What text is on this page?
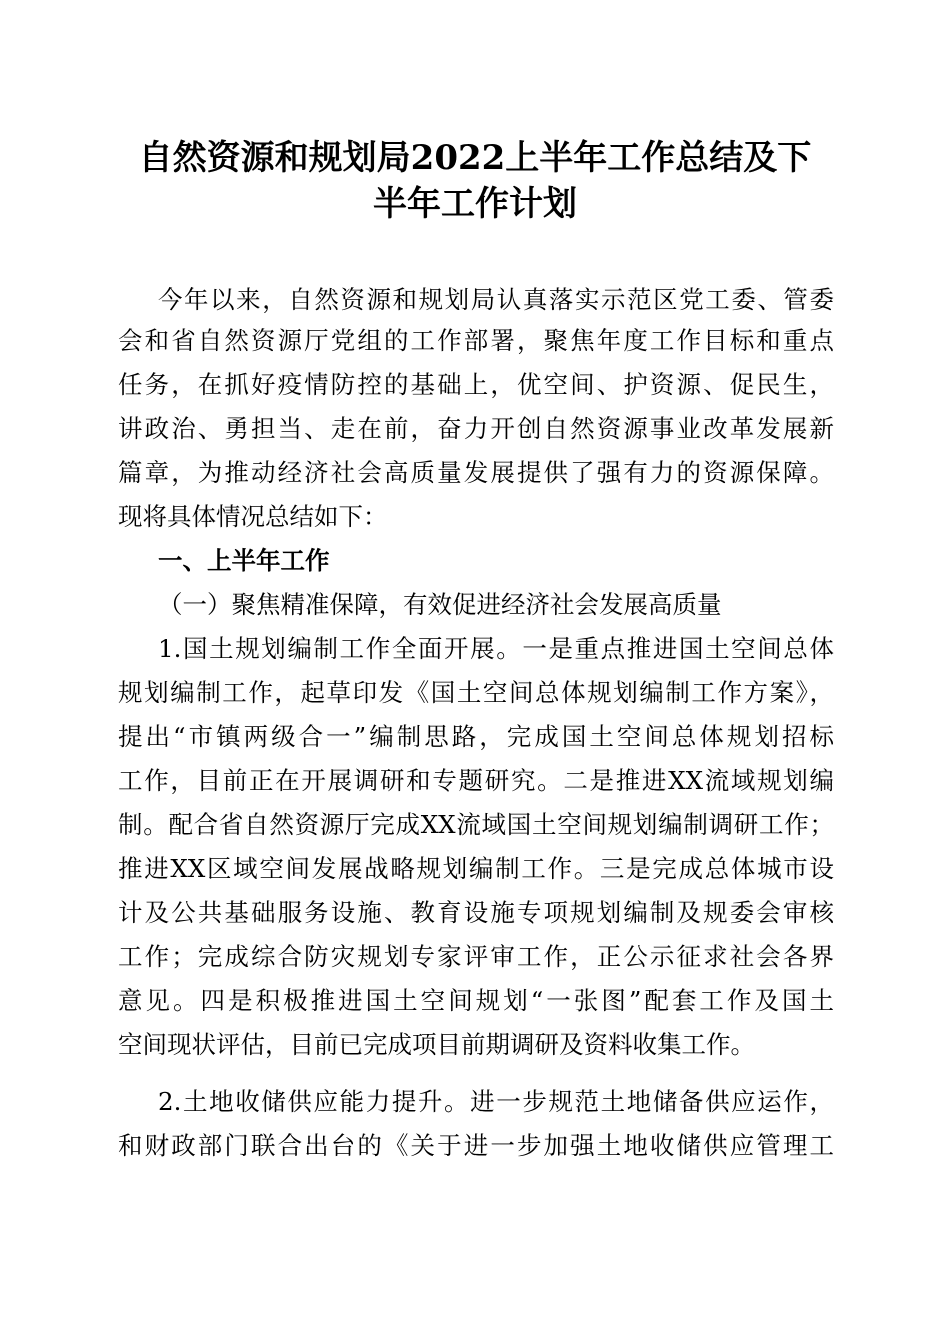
自然资源和规划局2022上半年工作总结及下
半年工作计划
今年以来，自然资源和规划局认真落实示范区党工委、管委
会和省自然资源厅党组的工作部署，聚焦年度工作目标和重点
任务，在抓好疫情防控的基础上，优空间、护资源、促民生，
讲政治、勇担当、走在前，奋力开创自然资源事业改革发展新
篇章，为推动经济社会高质量发展提供了强有力的资源保障。
现将具体情况总结如下：
一、上半年工作
（一）聚焦精准保障，有效促进经济社会发展高质量
1.国土规划编制工作全面开展。一是重点推进国土空间总体
规划编制工作，起草印发《国土空间总体规划编制工作方案》，
提出“市镇两级合一”编制思路，完成国土空间总体规划招标
工作，目前正在开展调研和专题研究。二是推进XX流域规划编
制。配合省自然资源厅完成XX流域国土空间规划编制调研工作；
推进XX区域空间发展战略规划编制工作。三是完成总体城市设
计及公共基础服务设施、教育设施专项规划编制及规委会审核
工作；完成综合防灾规划专家评审工作，正公示征求社会各界
意见。四是积极推进国土空间规划“一张图”配套工作及国土
空间现状评估，目前已完成项目前期调研及资料收集工作。
2.土地收储供应能力提升。进一步规范土地储备供应运作，
和财政部门联合出台的《关于进一步加强土地收储供应管理工
